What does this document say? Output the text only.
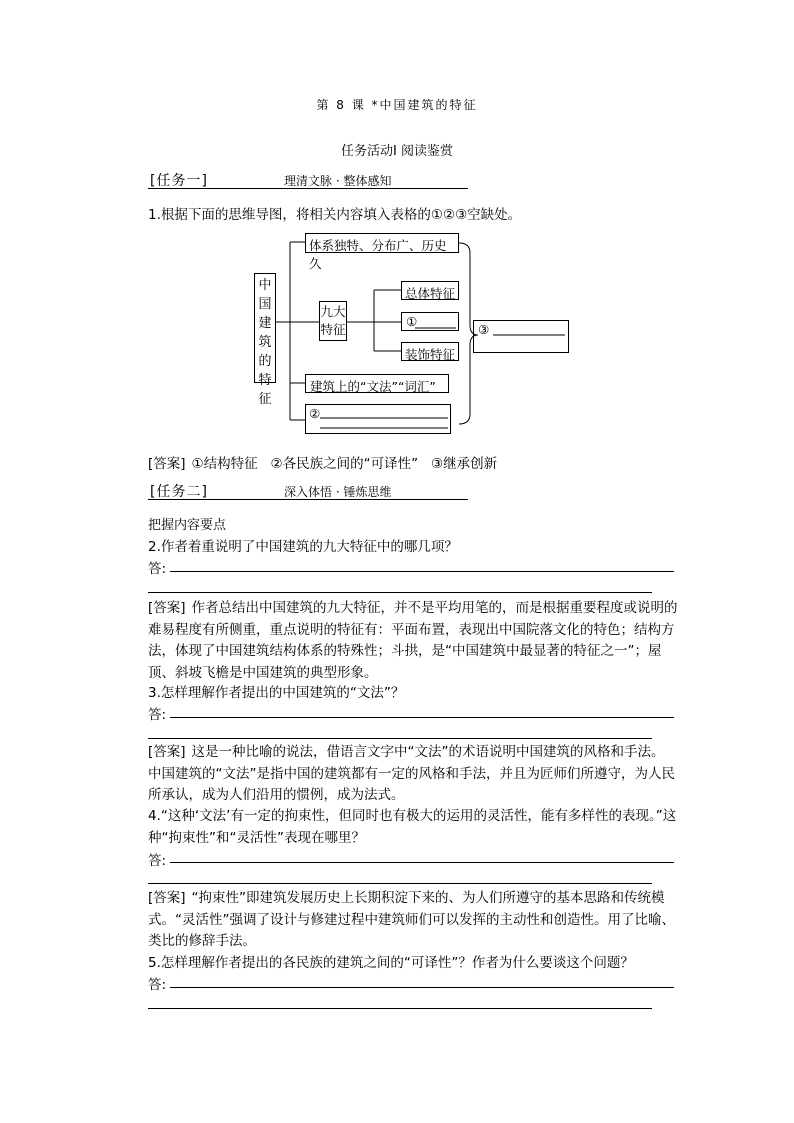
第 8 课 *中国建筑的特征
任务活动Ⅰ 阅读鉴赏
[任务一]	理清文脉 · 整体感知
1.根据下面的思维导图，将相关内容填入表格的①②③空缺处。
中国建筑的特征
体系独特、分布广、历史久
九大
特征
总体特征
①
装饰特征
建筑上的“文法”“词汇”
②
③
[答案] ①结构特征   ②各民族之间的“可译性”   ③继承创新
[任务二]	深入体悟 · 锤炼思维
把握内容要点
2.作者着重说明了中国建筑的九大特征中的哪几项？
答:
[答案] 作者总结出中国建筑的九大特征，并不是平均用笔的，而是根据重要程度或说明的难易程度有所侧重，重点说明的特征有：平面布置，表现出中国院落文化的特色；结构方法，体现了中国建筑结构体系的特殊性；斗拱，是“中国建筑中最显著的特征之一”；屋顶、斜坡飞檐是中国建筑的典型形象。
3.怎样理解作者提出的中国建筑的“文法”？
答:
[答案] 这是一种比喻的说法，借语言文字中“文法”的术语说明中国建筑的风格和手法。中国建筑的“文法”是指中国的建筑都有一定的风格和手法，并且为匠师们所遵守，为人民所承认，成为人们沿用的惯例，成为法式。
4.“这种‘文法’有一定的拘束性，但同时也有极大的运用的灵活性，能有多样性的表现。”这种“拘束性”和“灵活性”表现在哪里？
答:
[答案] “拘束性”即建筑发展历史上长期积淀下来的、为人们所遵守的基本思路和传统模式。“灵活性”强调了设计与修建过程中建筑师们可以发挥的主动性和创造性。用了比喻、类比的修辞手法。
5.怎样理解作者提出的各民族的建筑之间的“可译性”？作者为什么要谈这个问题？
答:
